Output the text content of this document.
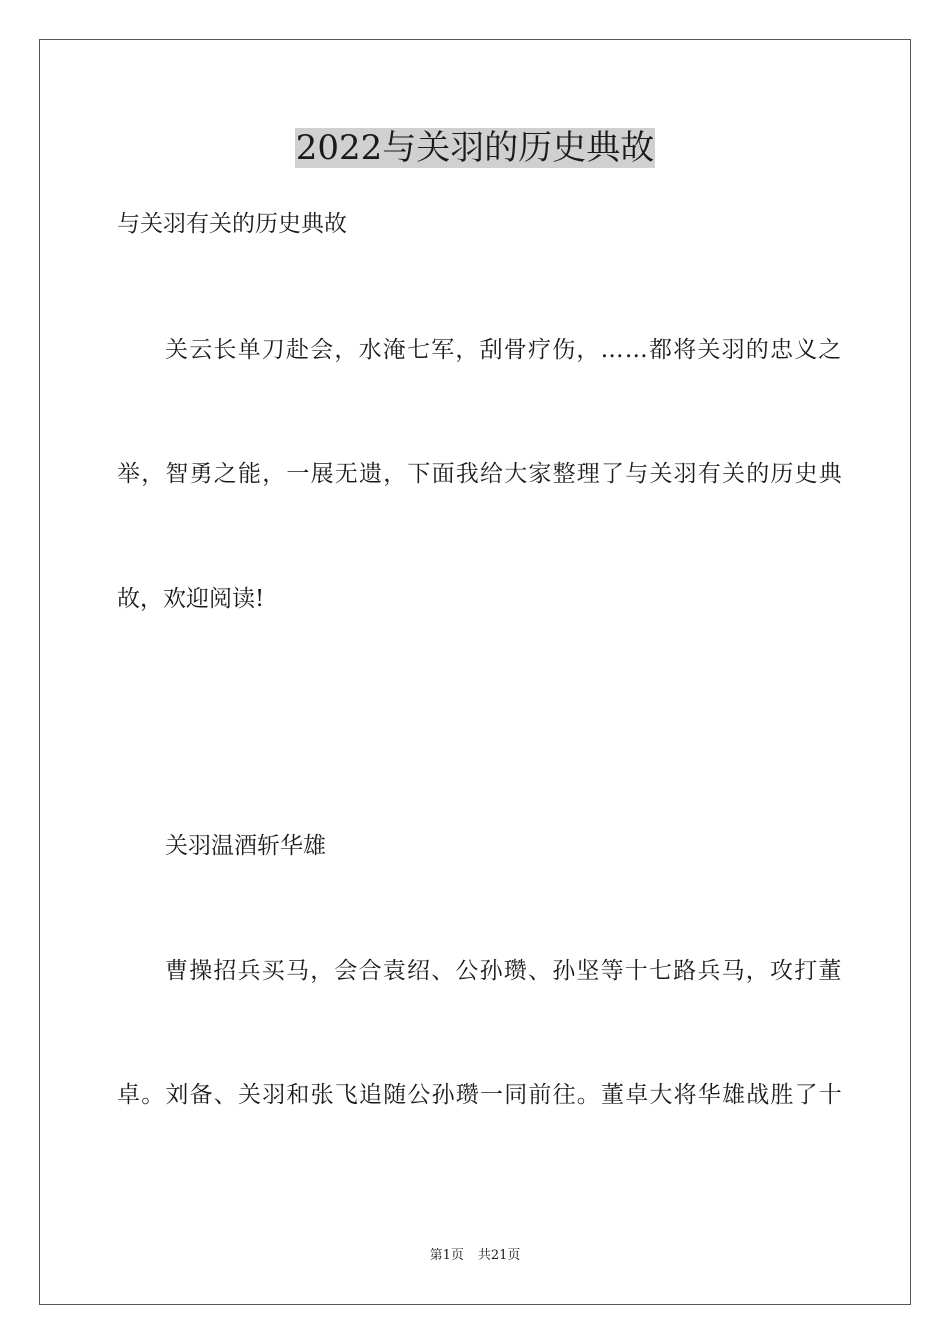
2022与关羽的历史典故

与关羽有关的历史典故

关云长单刀赴会，水淹七军，刮骨疗伤，……都将关羽的忠义之

举，智勇之能，一展无遗，下面我给大家整理了与关羽有关的历史典

故，欢迎阅读!

关羽温酒斩华雄

曹操招兵买马，会合袁绍、公孙瓒、孙坚等十七路兵马，攻打董

卓。刘备、关羽和张飞追随公孙瓒一同前往。董卓大将华雄战胜了十

第1页 共21页
